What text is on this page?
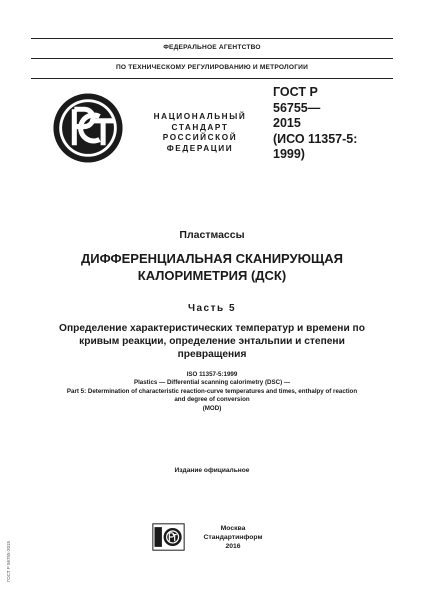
ФЕДЕРАЛЬНОЕ АГЕНТСТВО
ПО ТЕХНИЧЕСКОМУ РЕГУЛИРОВАНИЮ И МЕТРОЛОГИИ
НАЦИОНАЛЬНЫЙ
СТАНДАРТ
РОССИЙСКОЙ
ФЕДЕРАЦИИ
ГОСТ Р
56755—
2015
(ИСО 11357-5:
1999)
Пластмассы
ДИФФЕРЕНЦИАЛЬНАЯ СКАНИРУЮЩАЯ
КАЛОРИМЕТРИЯ (ДСК)
Часть 5
Определение характеристических температур и времени по
кривым реакции, определение энтальпии и степени
превращения
ISO 11357-5:1999
Plastics — Differential scanning calorimetry (DSC) —
Part 5: Determination of characteristic reaction-curve temperatures and times, enthalpy of reaction
and degree of conversion
(MOD)
Издание официальное
Москва
Стандартинформ
2016
ГОСТ Р 56755-2015
